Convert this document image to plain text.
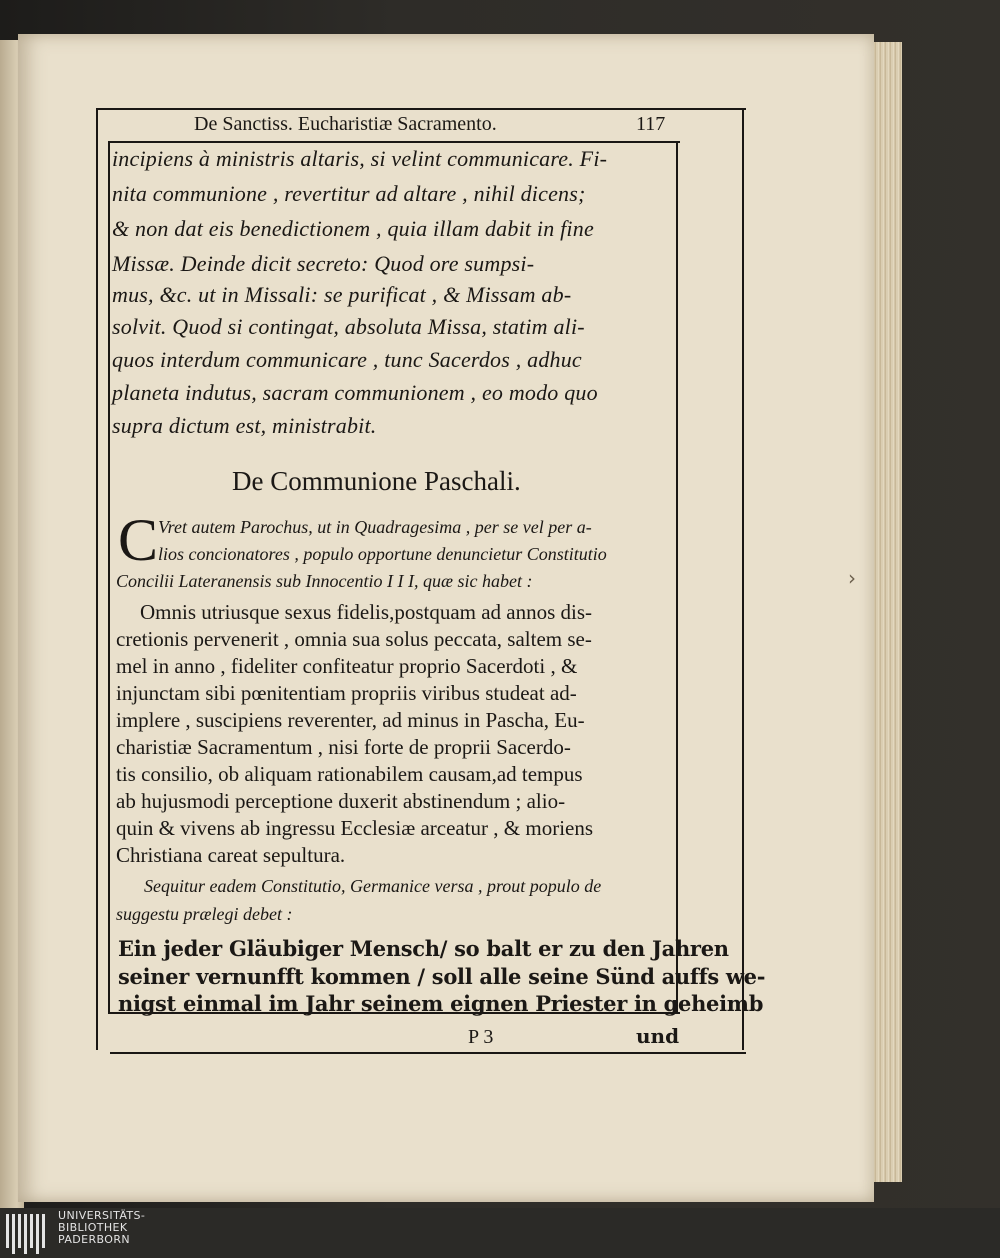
De Sanctiss. Eucharistiæ Sacramento.	117

incipiens à ministris altaris, si velint communicare. Fi-

nita communione , revertitur ad altare , nihil dicens;

& non dat eis benedictionem , quia illam dabit in fine

Missæ. Deinde dicit secreto: Quod ore sumpsi-

mus, &c. ut in Missali: se purificat , & Missam ab-

solvit. Quod si contingat, absoluta Missa, statim ali-

quos interdum communicare , tunc Sacerdos , adhuc

planeta indutus, sacram communionem , eo modo quo

supra dictum est, ministrabit.

De Communione Paschali.

C Vret autem Parochus, ut in Quadragesima , per se vel per a-

lios concionatores , populo opportune denuncietur Constitutio

Concilii Lateranensis sub Innocentio I I I, quæ sic habet :

Omnis utriusque sexus fidelis,postquam ad annos dis-

cretionis pervenerit , omnia sua solus peccata, saltem se-

mel in anno , fideliter confiteatur proprio Sacerdoti , &

injunctam sibi pœnitentiam propriis viribus studeat ad-

implere , suscipiens reverenter, ad minus in Pascha, Eu-

charistiæ Sacramentum , nisi forte de proprii Sacerdo-

tis consilio, ob aliquam rationabilem causam,ad tempus

ab hujusmodi perceptione duxerit abstinendum ; alio-

quin & vivens ab ingressu Ecclesiæ arceatur , & moriens

Christiana careat sepultura.

Sequitur eadem Constitutio, Germanice versa , prout populo de

suggestu prælegi debet :

Ein jeder Gläubiger Mensch/ so balt er zu den Jahren

seiner vernunfft kommen / soll alle seine Sünd auffs we-

nigst einmal im Jahr seinem eignen Priester in geheimb

P 3	und

›
UNIVERSITÄTS-
BIBLIOTHEK
PADERBORN
